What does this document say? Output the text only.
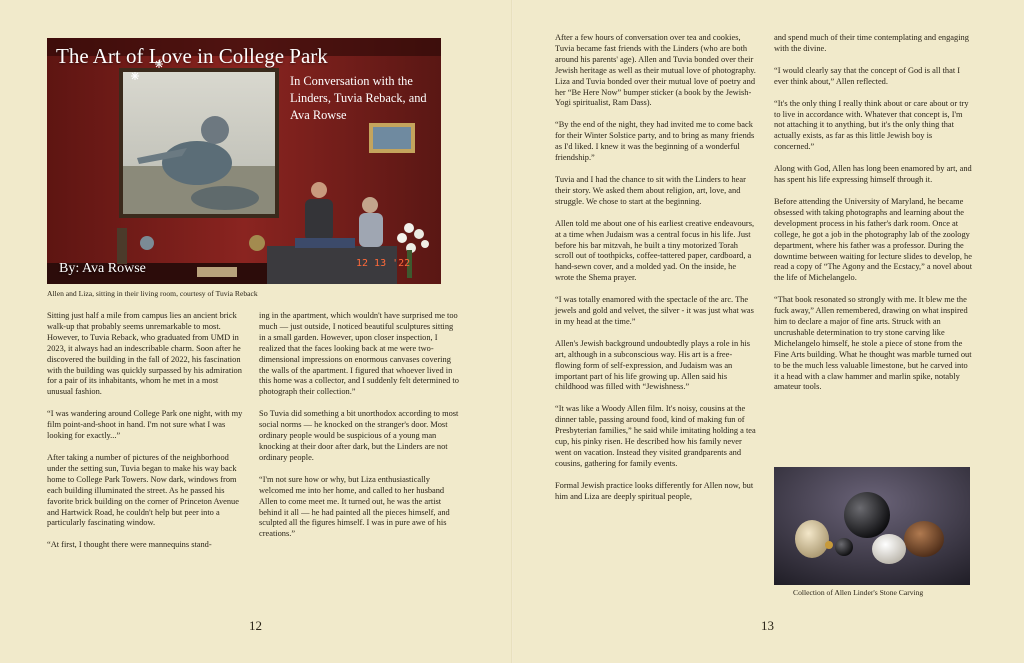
The Art of Love in College Park
In Conversation with the Linders, Tuvia Reback, and Ava Rowse
By: Ava Rowse	12 13 '22
Allen and Liza, sitting in their living room, courtesy of Tuvia Reback

Sitting just half a mile from campus lies an ancient brick walk-up that probably seems unremarkable to most. However, to Tuvia Reback, who graduated from UMD in 2023, it always had an indescribable charm. Soon after he discovered the building in the fall of 2022, his fascination with the building was quickly surpassed by his admiration for a pair of its inhabitants, whom he met in a most unusual fashion.

“I was wandering around College Park one night, with my film point-and-shoot in hand. I'm not sure what I was looking for exactly...”

After taking a number of pictures of the neighborhood under the setting sun, Tuvia began to make his way back home to College Park Towers. Now dark, windows from each building illuminated the street. As he passed his favorite brick building on the corner of Princeton Avenue and Hartwick Road, he couldn't help but peer into a particularly fascinating window.

“At first, I thought there were mannequins stand-

ing in the apartment, which wouldn't have surprised me too much — just outside, I noticed beautiful sculptures sitting in a small garden. However, upon closer inspection, I realized that the faces looking back at me were two-dimensional impressions on enormous canvases covering the walls of the apartment. I figured that whoever lived in this home was a collector, and I suddenly felt determined to photograph their collection.”

So Tuvia did something a bit unorthodox according to most social norms — he knocked on the stranger's door. Most ordinary people would be suspicious of a young man knocking at their door after dark, but the Linders are not ordinary people.

“I'm not sure how or why, but Liza enthusiastically welcomed me into her home, and called to her husband Allen to come meet me. It turned out, he was the artist behind it all — he had painted all the pieces himself, and sculpted all the figures himself. I was in pure awe of his creations.”

12

After a few hours of conversation over tea and cookies, Tuvia became fast friends with the Linders (who are both around his parents' age). Allen and Tuvia bonded over their Jewish heritage as well as their mutual love of photography. Liza and Tuvia bonded over their mutual love of poetry and her “Be Here Now” bumper sticker (a book by the Jewish-Yogi spiritualist, Ram Dass).

“By the end of the night, they had invited me to come back for their Winter Solstice party, and to bring as many friends as I'd liked. I knew it was the beginning of a wonderful friendship.”

Tuvia and I had the chance to sit with the Linders to hear their story. We asked them about religion, art, love, and struggle. We chose to start at the beginning.

Allen told me about one of his earliest creative endeavours, at a time when Judaism was a central focus in his life. Just before his bar mitzvah, he built a tiny motorized Torah scroll out of toothpicks, coffee-tattered paper, cardboard, a hand-sewn cover, and a molded yad. On the inside, he wrote the Shema prayer.

“I was totally enamored with the spectacle of the arc. The jewels and gold and velvet, the silver - it was just what was in my head at the time.”

Allen's Jewish background undoubtedly plays a role in his art, although in a subconscious way. His art is a free-flowing form of self-expression, and Judaism was an important part of his life growing up. Allen said his childhood was filled with “Jewishness.”

“It was like a Woody Allen film. It's noisy, cousins at the dinner table, passing around food, kind of making fun of Presbyterian families,” he said while imitating holding a tea cup, his pinky risen. He described how his family never went on vacation. Instead they visited grandparents and cousins, gathering for family events.

Formal Jewish practice looks differently for Allen now, but him and Liza are deeply spiritual people,

and spend much of their time contemplating and engaging with the divine.

“I would clearly say that the concept of God is all that I ever think about,” Allen reflected.

“It's the only thing I really think about or care about or try to live in accordance with. Whatever that concept is, I'm not attaching it to anything, but it's the only thing that actually exists, as far as this little Jewish boy is concerned.”

Along with God, Allen has long been enamored by art, and has spent his life expressing himself through it.

Before attending the University of Maryland, he became obsessed with taking photographs and learning about the development process in his father's dark room. Once at college, he got a job in the photography lab of the zoology department, where his father was a professor. During the downtime between waiting for lecture slides to develop, he read a copy of “The Agony and the Ecstacy,” a novel about the life of Michelangelo.

“That book resonated so strongly with me. It blew me the fuck away,” Allen remembered, drawing on what inspired him to declare a major of fine arts. Struck with an uncrushable determination to try stone carving like Michelangelo himself, he stole a piece of stone from the Fine Arts building. What he thought was marble turned out to be the much less valuable limestone, but he carved into it a head with a claw hammer and marlin spike, notably amateur tools.

Collection of Allen Linder's Stone Carving
13
